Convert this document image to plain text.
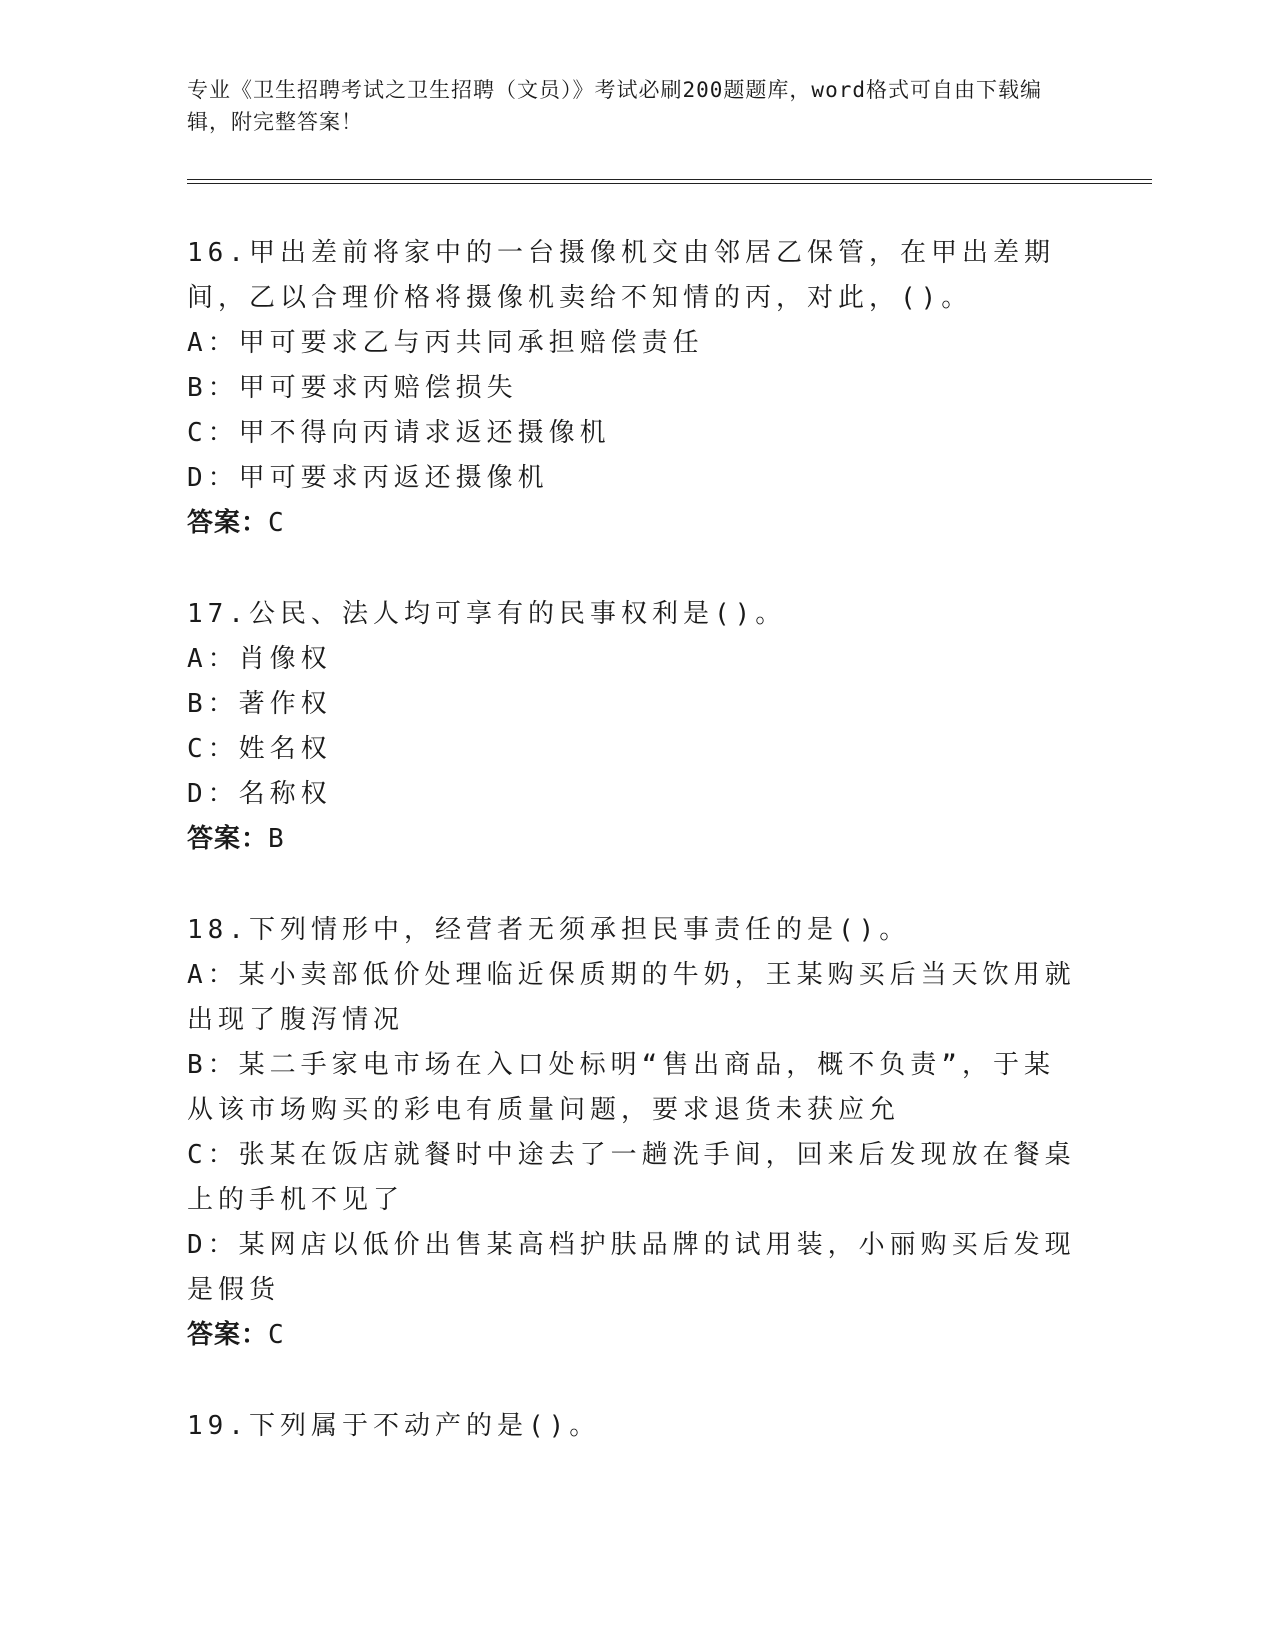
专业《卫生招聘考试之卫生招聘（文员）》考试必刷200题题库，word格式可自由下载编辑，附完整答案！

16.甲出差前将家中的一台摄像机交由邻居乙保管，在甲出差期间，乙以合理价格将摄像机卖给不知情的丙，对此，()。

A：甲可要求乙与丙共同承担赔偿责任

B：甲可要求丙赔偿损失

C：甲不得向丙请求返还摄像机

D：甲可要求丙返还摄像机

答案：C

17.公民、法人均可享有的民事权利是()。

A：肖像权

B：著作权

C：姓名权

D：名称权

答案：B

18.下列情形中，经营者无须承担民事责任的是()。

A：某小卖部低价处理临近保质期的牛奶，王某购买后当天饮用就出现了腹泻情况

B：某二手家电市场在入口处标明“售出商品，概不负责”，于某从该市场购买的彩电有质量问题，要求退货未获应允

C：张某在饭店就餐时中途去了一趟洗手间，回来后发现放在餐桌上的手机不见了

D：某网店以低价出售某高档护肤品牌的试用装，小丽购买后发现是假货

答案：C

19.下列属于不动产的是()。
